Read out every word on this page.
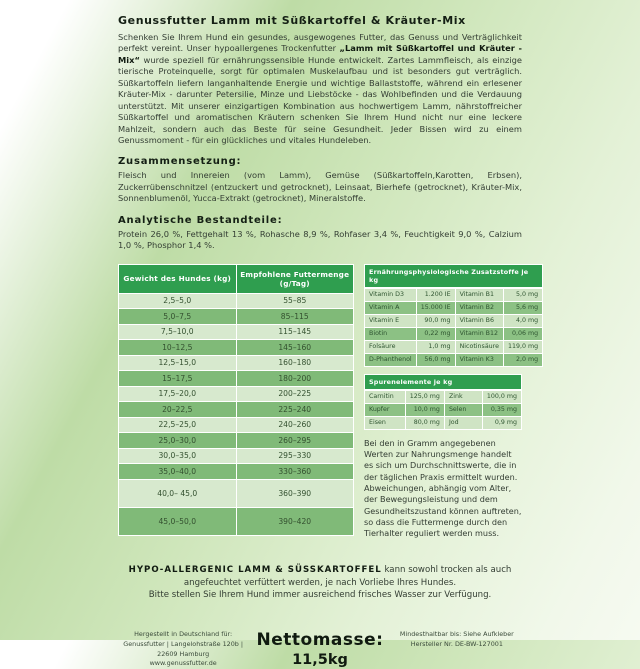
Genussfutter Lamm mit Süßkartoffel & Kräuter-Mix

Schenken Sie Ihrem Hund ein gesundes, ausgewogenes Futter, das Genuss und Verträglichkeit perfekt vereint. Unser hypoallergenes Trockenfutter „Lamm mit Süßkartoffel und Kräuter - Mix“ wurde speziell für ernährungssensible Hunde entwickelt. Zartes Lammfleisch, als einzige tierische Proteinquelle, sorgt für optimalen Muskelaufbau und ist besonders gut verträglich. Süßkartoffeln liefern langanhaltende Energie und wichtige Ballaststoffe, während ein erlesener Kräuter-Mix - darunter Petersilie, Minze und Liebstöcke - das Wohlbefinden und die Verdauung unterstützt. Mit unserer einzigartigen Kombination aus hochwertigem Lamm, nährstoffreicher Süßkartoffel und aromatischen Kräutern schenken Sie Ihrem Hund nicht nur eine leckere Mahlzeit, sondern auch das Beste für seine Gesundheit. Jeder Bissen wird zu einem Genussmoment - für ein glückliches und vitales Hundeleben.

Zusammensetzung:

Fleisch und Innereien (vom Lamm), Gemüse (Süßkartoffeln,Karotten, Erbsen), Zuckerrübenschnitzel (entzuckert und getrocknet), Leinsaat, Bierhefe (getrocknet), Kräuter-Mix, Sonnenblumenöl, Yucca-Extrakt (getrocknet), Mineralstoffe.

Analytische Bestandteile:

Protein 26,0 %, Fettgehalt 13 %, Rohasche 8,9 %, Rohfaser 3,4 %, Feuchtigkeit 9,0 %, Calzium 1,0 %, Phosphor 1,4 %.

Gewicht des Hundes (kg)	Empfohlene Futtermenge (g/Tag)
2,5–5,0	55–85
5,0–7,5	85–115
7,5–10,0	115–145
10–12,5	145–160
12,5–15,0	160–180
15–17,5	180–200
17,5–20,0	200–225
20–22,5	225–240
22,5–25,0	240–260
25,0–30,0	260–295
30,0–35,0	295–330
35,0–40,0	330–360
40,0– 45,0	360–390
45,0–50,0	390–420
Ernährungsphysiologische Zusatzstoffe je kg
Vitamin D3	1.200 IE	Vitamin B1	5,0 mg
Vitamin A	15.000 IE	Vitamin B2	5,6 mg
Vitamin E	90,0 mg	Vitamin B6	4,0 mg
Biotin	0,22 mg	Vitamin B12	0,06 mg
Folsäure	1,0 mg	Nicotinsäure	119,0 mg
D-Phanthenol	56,0 mg	Vitamin K3	2,0 mg
Spurenelemente je kg
Carnitin	125,0 mg	Zink	100,0 mg
Kupfer	10,0 mg	Selen	0,35 mg
Eisen	80,0 mg	Jod	0,9 mg

Bei den in Gramm angegebenen Werten zur Nahrungsmenge handelt es sich um Durchschnittswerte, die in der täglichen Praxis ermittelt wurden. Abweichungen, abhängig vom Alter, der Bewegungsleistung und dem Gesundheitszustand können auftreten, so dass die Futtermenge durch den Tierhalter reguliert werden muss.

HYPO-ALLERGENIC LAMM & SÜSSKARTOFFEL kann sowohl trocken als auch angefeuchtet verfüttert werden, je nach Vorliebe Ihres Hundes.
Bitte stellen Sie Ihrem Hund immer ausreichend frisches Wasser zur Verfügung.
Hergestellt in Deutschland für:
Genussfutter | Langelohstraße 120b | 22609 Hamburg
www.genussfutter.de
Nettomasse:
11,5kg
Mindesthaltbar bis: Siehe Aufkleber
Hersteller Nr. DE-BW-127001
